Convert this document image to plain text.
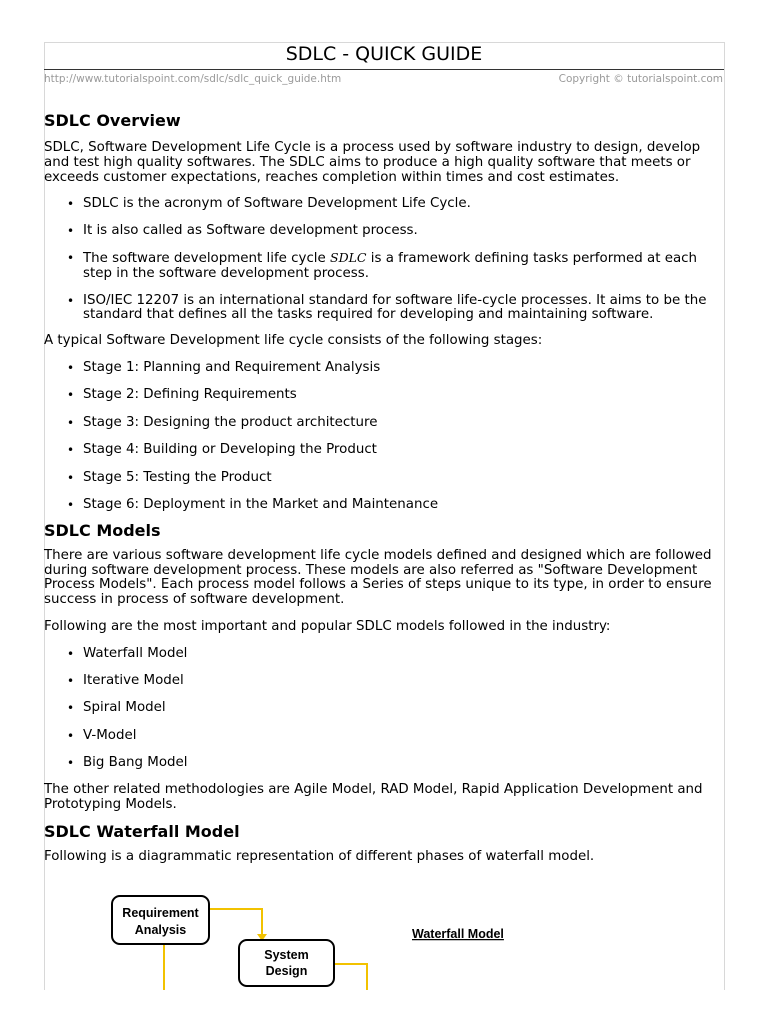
SDLC - QUICK GUIDE
http://www.tutorialspoint.com/sdlc/sdlc_quick_guide.htm	Copyright © tutorialspoint.com
SDLC Overview

SDLC, Software Development Life Cycle is a process used by software industry to design, develop and test high quality softwares. The SDLC aims to produce a high quality software that meets or exceeds customer expectations, reaches completion within times and cost estimates.

• SDLC is the acronym of Software Development Life Cycle.
• It is also called as Software development process.
• The software development life cycle SDLC is a framework defining tasks performed at each step in the software development process.
• ISO/IEC 12207 is an international standard for software life-cycle processes. It aims to be the standard that defines all the tasks required for developing and maintaining software.

A typical Software Development life cycle consists of the following stages:

• Stage 1: Planning and Requirement Analysis
• Stage 2: Defining Requirements
• Stage 3: Designing the product architecture
• Stage 4: Building or Developing the Product
• Stage 5: Testing the Product
• Stage 6: Deployment in the Market and Maintenance
SDLC Models

There are various software development life cycle models defined and designed which are followed during software development process. These models are also referred as "Software Development Process Models". Each process model follows a Series of steps unique to its type, in order to ensure success in process of software development.

Following are the most important and popular SDLC models followed in the industry:

• Waterfall Model
• Iterative Model
• Spiral Model
• V-Model
• Big Bang Model

The other related methodologies are Agile Model, RAD Model, Rapid Application Development and Prototyping Models.

SDLC Waterfall Model

Following is a diagrammatic representation of different phases of waterfall model.

Requirement
Analysis
System
Design
Waterfall Model
